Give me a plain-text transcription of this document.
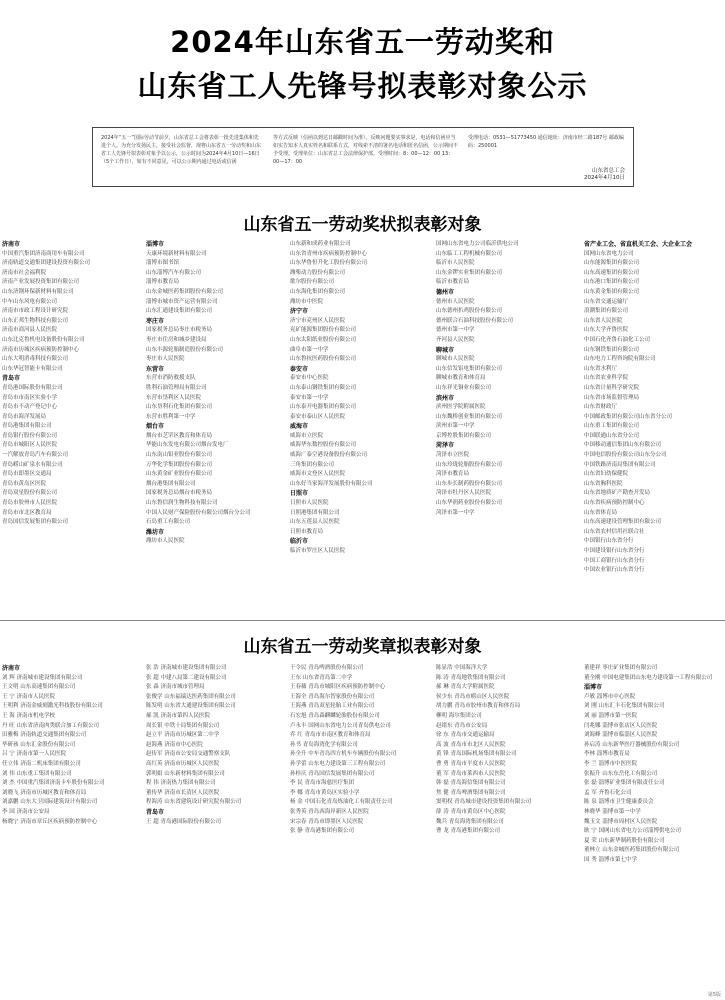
2024年山东省五一劳动奖和
山东省工人先锋号拟表彰对象公示
2024年“五一”国际劳动节前夕，山东省总工会将表彰一批先进集体和先进个人。为充分发扬民主，接受社会监督，现将山东省五一劳动奖和山东省工人先锋号拟表彰对象予以公示，公示时间为2024年4月10日—16日（5个工作日），如有不同意见，可以公示期内通过电话或信函
等方式反映（信函以到达日邮戳时间为准）。反映问题要实事求是，电话和信函应当如实告知本人真实姓名和联系方式，对线索不清的署名电话和匿名信函，公示期间不予受理。受理单位：山东省总工会法律保护部。受理时间：8：00—12：00 13：00—17：00
受理电话：0531—51773450 通信地址：济南市经二路187号 邮政编码：250001
山东省总工会
2024年4月10日
山东省五一劳动奖状拟表彰对象
济南市
中国重汽集团济南商用车有限公司
济南轨道交通集团建设投资有限公司
济南市社会福利院
济南产业发展投资集团有限公司
山东济钢环保新材料有限公司
中车山东风电有限公司
济南市市政工程设计研究院
山东正邦生物科技有限公司
济南市商河县人民医院
山东比克鲁机电设备股份有限公司
济南市历城区疾病预防控制中心
山东大明消毒科技有限公司
山东华冠智能卡有限公司
青岛市
青岛港国际股份有限公司
青岛市市南区实验小学
青岛市不动产登记中心
青岛市海洋发展局
青岛港集团有限公司
青岛银行股份有限公司
青岛市城阳区人民医院
一汽解放青岛汽车有限公司
青岛崂山矿泉水有限公司
青岛市即墨区交通局
青岛市黄岛区医院
青岛双星股份有限公司
青岛市胶州市人民医院
青岛市市北区教育局
青岛国信发展集团有限公司
淄博市
天康环境新材料有限公司
淄博市图书馆
山东淄博汽车有限公司
淄博市教育局
山东金城医药集团股份有限公司
淄博市城市资产运营有限公司
山东汇通建设集团有限公司
枣庄市
国家税务总局枣庄市税务局
枣庄市住房和城乡建设局
山东丰源轮胎制造股份有限公司
枣庄市人民医院
东营市
东营市消防救援支队
胜利石油管理局有限公司
东营市垦利区人民医院
山东垦利石化集团有限公司
东营市胜利第一中学
烟台市
烟台市芝罘区教育和体育局
华能山东发电有限公司烟台发电厂
山东南山铝业股份有限公司
万华化学集团股份有限公司
山东黄金矿业股份有限公司
烟台港集团有限公司
国家税务总局烟台市税务局
山东鲁信润生物科技有限公司
中国人民财产保险股份有限公司烟台分公司
石岛重工有限公司
潍坊市
潍坊市人民医院
山东新和成药业有限公司
山东省青州市疾病预防控制中心
山东华鲁恒升化工股份有限公司
潍柴动力股份有限公司
歌尔股份有限公司
山东海化集团有限公司
潍坊市中医院
济宁市
济宁市兖州区人民医院
兖矿能源集团股份有限公司
山东太阳纸业股份有限公司
曲阜市第一中学
山东鲁抗医药股份有限公司
泰安市
泰安市中心医院
山东泰山钢铁集团有限公司
泰安市第一中学
山东泰开电器集团有限公司
泰安市泰山区人民医院
威海市
威海市立医院
威海华东数控股份有限公司
威海广泰空港设备股份有限公司
三角集团有限公司
威海市文登区人民医院
山东好当家海洋发展股份有限公司
日照市
日照市人民医院
日照港集团有限公司
山东五莲县人民医院
日照市教育局
临沂市
临沂市罗庄区人民医院
国网山东省电力公司临沂供电公司
山东临工工程机械有限公司
临沂市人民医院
山东金锣实业集团有限公司
临沂市教育局
德州市
德州市人民医院
山东德州扒鸡股份有限公司
德州联合石油科技股份有限公司
德州市第一中学
齐河县人民医院
聊城市
聊城市人民医院
山东信发铝电集团有限公司
聊城市教育和体育局
山东祥光铜业有限公司
滨州市
滨州医学院附属医院
山东魏桥创业集团有限公司
滨州市第一中学
京博控股集团有限公司
菏泽市
菏泽市立医院
山东玲珑轮胎股份有限公司
菏泽市教育局
山东步长制药股份有限公司
菏泽市牡丹区人民医院
山东华润药业股份有限公司
菏泽市第一中学
省产业工会、省直机关工会、大企业工会
国网山东省电力公司
山东能源集团有限公司
山东高速集团有限公司
山东港口集团有限公司
山东黄金集团有限公司
山东省交通运输厅
浪潮集团有限公司
山东省人民医院
山东大学齐鲁医院
中国石化齐鲁石油化工公司
山东钢铁集团有限公司
山东电力工程咨询院有限公司
山东省水利厅
山东省农业科学院
山东省计量科学研究院
山东省市场监督管理局
山东省财政厅
中国邮政集团有限公司山东省分公司
山东重工集团有限公司
中国联通山东省分公司
中国移动通信集团山东有限公司
中国电信股份有限公司山东分公司
中国铁路济南局集团有限公司
山东省妇幼保健院
山东省胸科医院
山东省地质矿产勘查开发局
山东省疾病预防控制中心
山东省体育局
山东高速建设管理集团有限公司
山东省农村信用社联合社
中国银行山东省分行
中国建设银行山东省分行
中国工商银行山东省分行
中国农业银行山东省分行
山东省五一劳动奖章拟表彰对象
济南市
刘 辉 济南城市建设集团有限公司
王文明 山东高速集团有限公司
王 宁 济南市人民医院
王明利 济南金威刻激光科技股份有限公司
王 海 济南市机电学校
丹 旺 山东省济南肉类联合加工有限公司
田雅梅 济南轨道交通集团有限公司
毕研孩 山东汇金股份有限公司
吕 宁 济南市第一人民医院
任立伟 济南二机床集团有限公司
刘 伟 山东重工集团有限公司
刘 杰 中国重汽集团济南卡车股份有限公司
刘晓飞 济南市历城区教育和体育局
刘嘉鹏 山东大卫国际建筑设计有限公司
李 国 济南市公安局
杨晓宁 济南市章丘区疾病预防控制中心
张 浩 济南城市建设集团有限公司
张 超 中建八局第二建设有限公司
张 森 济南市城市管理局
张俊学 山东福瑞达医药集团有限公司
陈发明 山东省大通建设集团有限公司
郝 凯 济南市第四人民医院
周长银 中铁十局集团有限公司
赵立平 济南市历城区第二中学
赵海燕 济南市中心医院
赵传军 济南市公安局交通警察支队
高红英 济南市历城区人民医院
郭明娟 山东新材料集团有限公司
程 伟 济南热力集团有限公司
董传华 济南市长清区人民医院
程海涛 山东省建筑设计研究院有限公司
青岛市
王 超 青岛港国际股份有限公司
于令民 青岛啤酒股份有限公司
王东 山东省青岛第二中学
王春薇 青岛市城阳区疾病预防控制中心
王海全 青岛海尔智家股份有限公司
王海燕 青岛双星轮胎工业有限公司
石宏旭 青岛森麒麟轮胎股份有限公司
卢永丰 国网山东省电力公司青岛供电公司
乔 红 青岛市市南区教育和体育局
孙书 青岛海湾化学有限公司
孙全升 中车青岛四方机车车辆股份有限公司
孙学蕾 山东电力建设第三工程有限公司
孙桂庆 青岛国信发展集团有限公司
李 民 青岛市海慈医疗集团
李 娜 青岛市黄岛区实验小学
杨 金 中国石化青岛炼油化工有限责任公司
张秀英 青岛西海岸新区人民医院
宋宗春 青岛市即墨区人民医院
张 静 青岛港集团有限公司
陈显浩 中国海洋大学
陈 涛 青岛地铁集团有限公司
郝 琳 青岛大学附属医院
侯少东 青岛市崂山区人民医院
胡力鹏 青岛市胶州市教育和体育局
柳明 海尔集团公司
赵绪东 青岛市公安局
徐 东 青岛市交通运输局
高 波 青岛市市北区人民医院
黄 锋 青岛国际机场集团有限公司
曹 勇 青岛市平度市人民医院
董 军 青岛市莱西市人民医院
韩 磊 青岛海信集团有限公司
焦 健 青岛啤酒集团有限公司
窦明权 青岛城市建设投资集团有限公司
薛 涛 青岛市黄岛区中心医院
魏兵 青岛海湾集团有限公司
曹 龙 青岛港集团有限公司
董建祥 枣庄矿业集团有限公司
董全刚 中国电建集团山东电力建设第一工程有限公司
淄博市
卢敏 淄博市中心医院
刘 刚 山东汇丰石化集团有限公司
刘 丽 淄博市第一医院
闫兆娜 淄博市张店区人民医院
刘海峰 淄博市临淄区人民医院
孙启涛 山东新华医疗器械股份有限公司
李林 淄博市教育局
李 兰 淄博市中医医院
张振升 山东东岳化工有限公司
张 磊 淄博矿业集团有限责任公司
孟 军 齐鲁石化公司
陈 泉 淄博市卫生健康委员会
林晓华 淄博市第一中学
魏玉文 淄博市周村区人民医院
耿 宁 国网山东省电力公司淄博供电公司
夏 荣 山东新华制药股份有限公司
董林立 山东金城医药集团股份有限公司
国 秀 淄博市第七中学
第5版
